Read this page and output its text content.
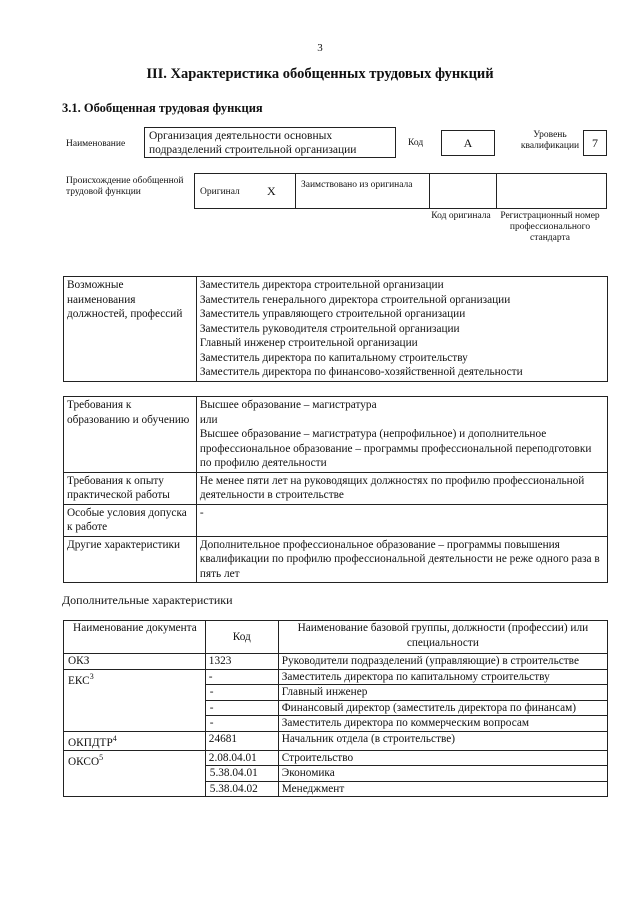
3
III. Характеристика обобщенных трудовых функций
3.1. Обобщенная трудовая функция
Наименование
Организация деятельности основных подразделений строительной организации
Код	A
Уровень квалификации	7
Происхождение обобщенной трудовой функции	Оригинал X	Заимствовано из оригинала
Код оригинала Регистрационный номер профессионального стандарта
Возможные наименования должностей, профессий	
Заместитель директора строительной организации
Заместитель генерального директора строительной организации
Заместитель управляющего строительной организации
Заместитель руководителя строительной организации
Главный инженер строительной организации
Заместитель директора по капитальному строительству
Заместитель директора по финансово-хозяйственной деятельности
Требования к образованию и обучению	Высшее образование – магистратура
или
Высшее образование – магистратура (непрофильное) и дополнительное профессиональное образование – программы профессиональной переподготовки по профилю деятельности

Требования к опыту практической работы	Не менее пяти лет на руководящих должностях по профилю профессиональной деятельности в строительстве
Особые условия допуска к работе	-
Другие характеристики	Дополнительное профессиональное образование – программы повышения квалификации по профилю профессиональной деятельности не реже одного раза в пять лет
Дополнительные характеристики
Наименование документа	Код	Наименование базовой группы, должности (профессии) или специальности
ОКЗ	1323	Руководители подразделений (управляющие) в строительстве
ЕКС$^3$	-	Заместитель директора по капитальному строительству
	-	Главный инженер
	-	Финансовый директор (заместитель директора по финансам)
	-	Заместитель директора по коммерческим вопросам
ОКПДТР$^4$	24681	Начальник отдела (в строительстве)
ОКСО$^5$	2.08.04.01	Строительство
	5.38.04.01	Экономика
	5.38.04.02	Менеджмент
